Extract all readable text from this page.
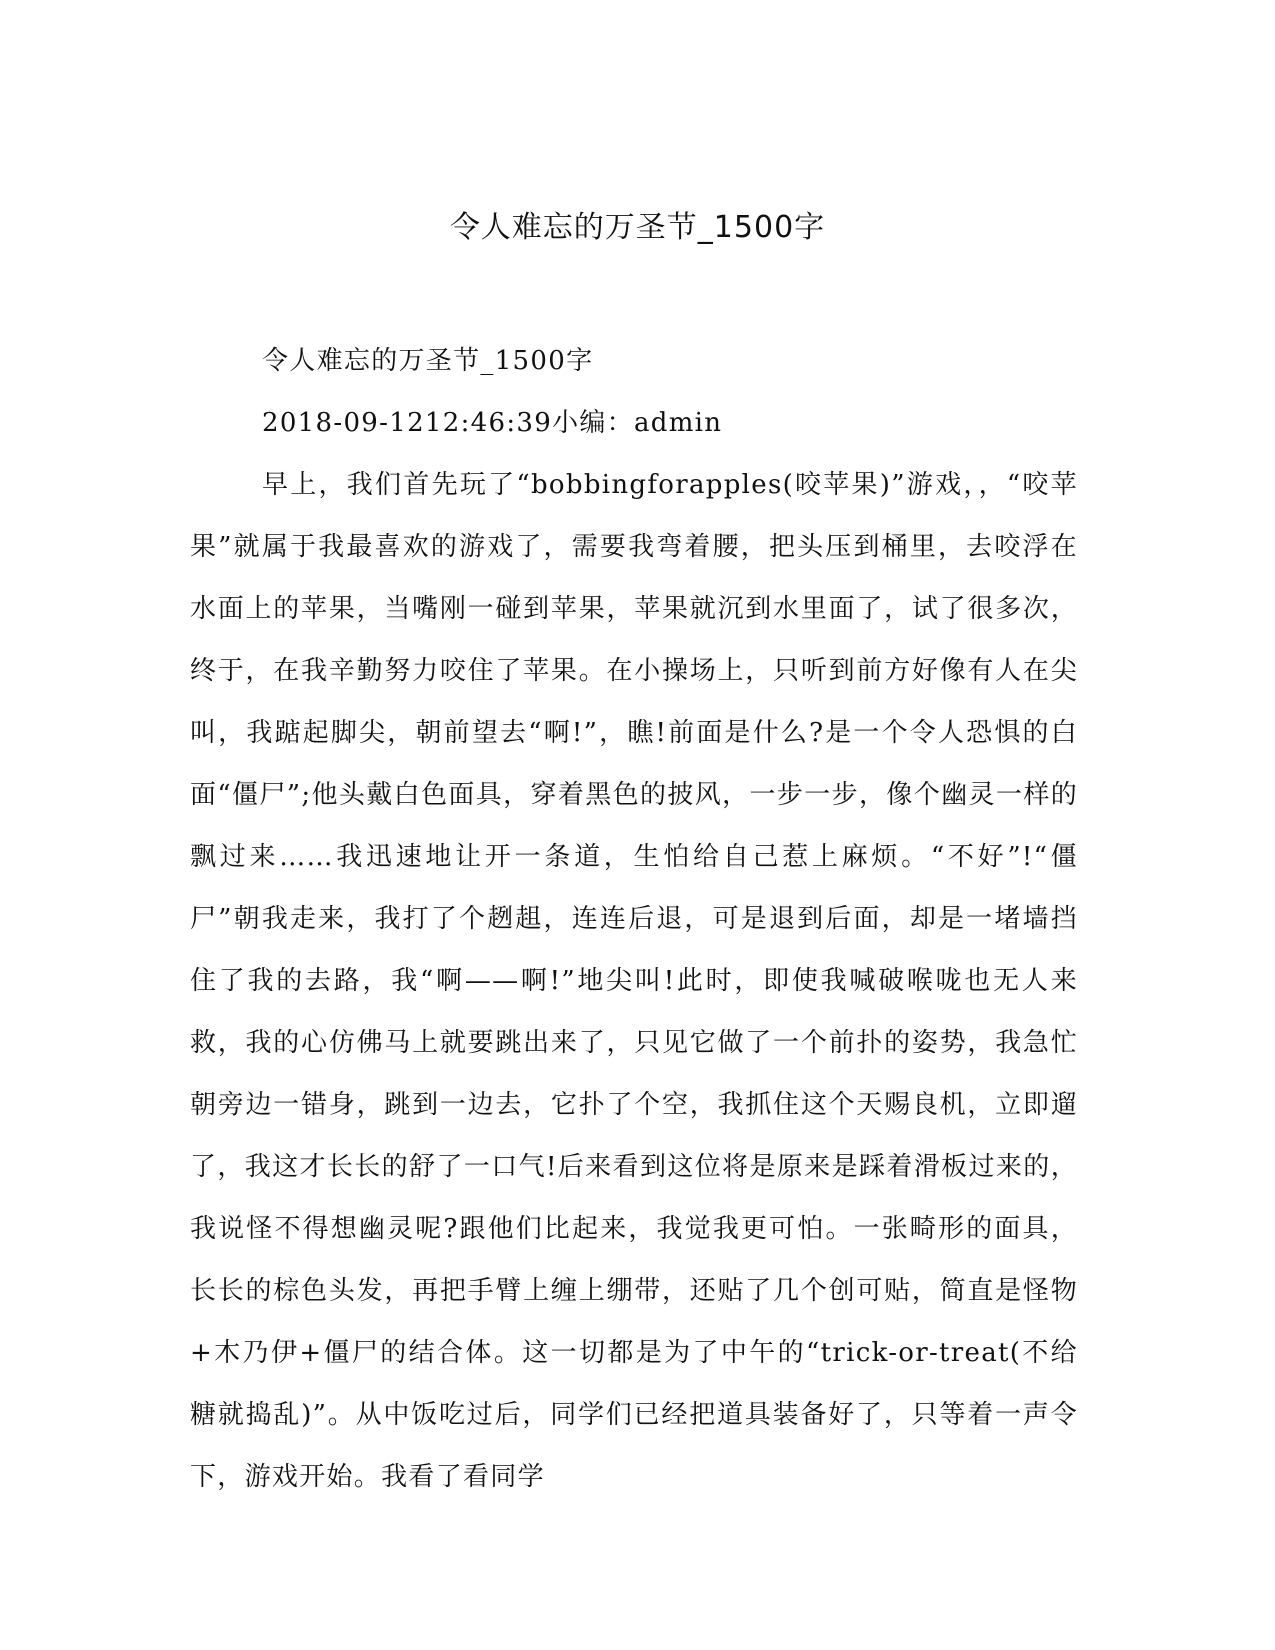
令人难忘的万圣节_1500字

令人难忘的万圣节_1500字

2018-09-1212:46:39小编：admin

早上，我们首先玩了“bobbingforapples(咬苹果)”游戏，，“咬苹果”就属于我最喜欢的游戏了，需要我弯着腰，把头压到桶里，去咬浮在水面上的苹果，当嘴刚一碰到苹果，苹果就沉到水里面了，试了很多次，终于，在我辛勤努力咬住了苹果。在小操场上，只听到前方好像有人在尖叫，我踮起脚尖，朝前望去“啊!”，瞧!前面是什么?是一个令人恐惧的白面“僵尸”;他头戴白色面具，穿着黑色的披风，一步一步，像个幽灵一样的飘过来……我迅速地让开一条道，生怕给自己惹上麻烦。“不好”!“僵尸”朝我走来，我打了个趔趄，连连后退，可是退到后面，却是一堵墙挡住了我的去路，我“啊——啊!”地尖叫!此时，即使我喊破喉咙也无人来救，我的心仿佛马上就要跳出来了，只见它做了一个前扑的姿势，我急忙朝旁边一错身，跳到一边去，它扑了个空，我抓住这个天赐良机，立即遛了，我这才长长的舒了一口气!后来看到这位将是原来是踩着滑板过来的，我说怪不得想幽灵呢?跟他们比起来，我觉我更可怕。一张畸形的面具，长长的棕色头发，再把手臂上缠上绷带，还贴了几个创可贴，简直是怪物+木乃伊+僵尸的结合体。这一切都是为了中午的“trick-or-treat(不给糖就捣乱)”。从中饭吃过后，同学们已经把道具装备好了，只等着一声令下，游戏开始。我看了看同学
